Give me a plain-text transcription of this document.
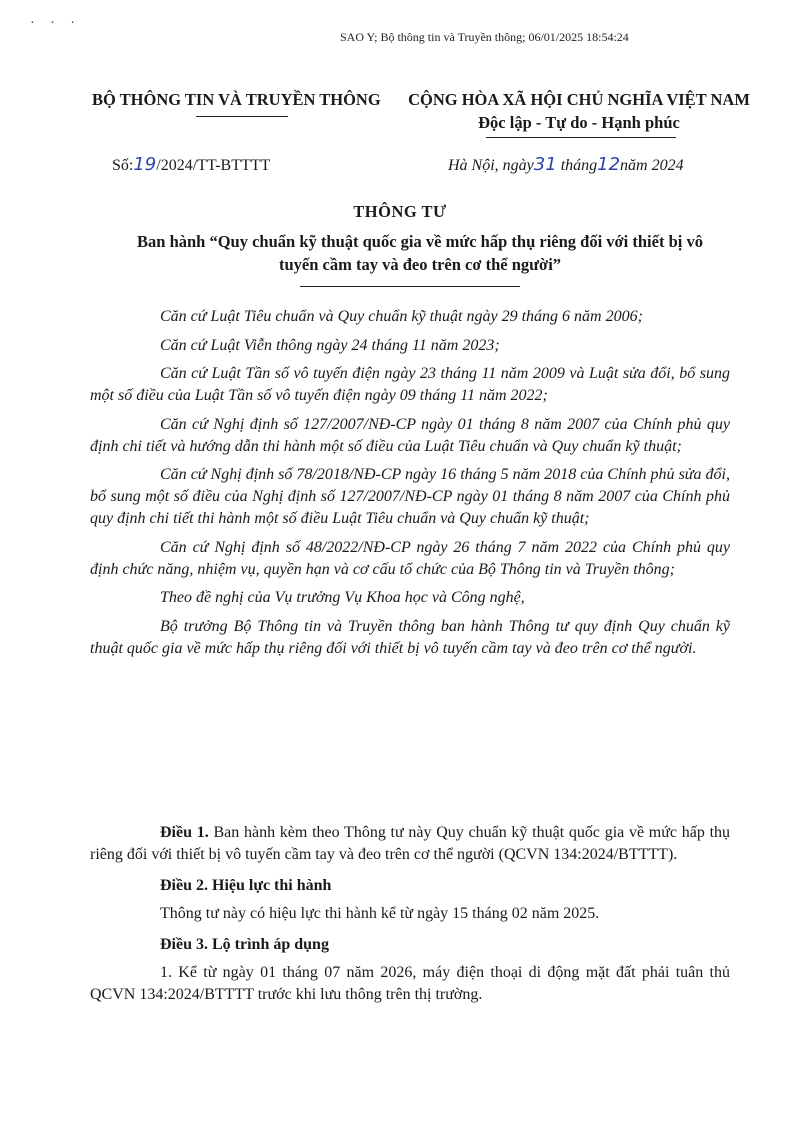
· · ·
SAO Y; Bộ thông tin và Truyền thông; 06/01/2025 18:54:24
BỘ THÔNG TIN VÀ TRUYỀN THÔNG	CỘNG HÒA XÃ HỘI CHỦ NGHĨA VIỆT NAM
Độc lập - Tự do - Hạnh phúc
Số:19/2024/TT-BTTTT	Hà Nội, ngày31 tháng12năm 2024
THÔNG TƯ
Ban hành “Quy chuẩn kỹ thuật quốc gia về mức hấp thụ riêng đối với thiết bị vô tuyến cầm tay và đeo trên cơ thể người”

Căn cứ Luật Tiêu chuẩn và Quy chuẩn kỹ thuật ngày 29 tháng 6 năm 2006;

Căn cứ Luật Viễn thông ngày 24 tháng 11 năm 2023;

Căn cứ Luật Tần số vô tuyến điện ngày 23 tháng 11 năm 2009 và Luật sửa đổi, bổ sung một số điều của Luật Tần số vô tuyến điện ngày 09 tháng 11 năm 2022;

Căn cứ Nghị định số 127/2007/NĐ-CP ngày 01 tháng 8 năm 2007 của Chính phủ quy định chi tiết và hướng dẫn thi hành một số điều của Luật Tiêu chuẩn và Quy chuẩn kỹ thuật;

Căn cứ Nghị định số 78/2018/NĐ-CP ngày 16 tháng 5 năm 2018 của Chính phủ sửa đổi, bổ sung một số điều của Nghị định số 127/2007/NĐ-CP ngày 01 tháng 8 năm 2007 của Chính phủ quy định chi tiết thi hành một số điều Luật Tiêu chuẩn và Quy chuẩn kỹ thuật;

Căn cứ Nghị định số 48/2022/NĐ-CP ngày 26 tháng 7 năm 2022 của Chính phủ quy định chức năng, nhiệm vụ, quyền hạn và cơ cấu tổ chức của Bộ Thông tin và Truyền thông;

Theo đề nghị của Vụ trưởng Vụ Khoa học và Công nghệ,

Bộ trưởng Bộ Thông tin và Truyền thông ban hành Thông tư quy định Quy chuẩn kỹ thuật quốc gia về mức hấp thụ riêng đối với thiết bị vô tuyến cầm tay và đeo trên cơ thể người.

Điều 1. Ban hành kèm theo Thông tư này Quy chuẩn kỹ thuật quốc gia về mức hấp thụ riêng đối với thiết bị vô tuyến cầm tay và đeo trên cơ thể người (QCVN 134:2024/BTTTT).

Điều 2. Hiệu lực thi hành

Thông tư này có hiệu lực thi hành kể từ ngày 15 tháng 02 năm 2025.

Điều 3. Lộ trình áp dụng

1. Kể từ ngày 01 tháng 07 năm 2026, máy điện thoại di động mặt đất phải tuân thủ QCVN 134:2024/BTTTT trước khi lưu thông trên thị trường.
